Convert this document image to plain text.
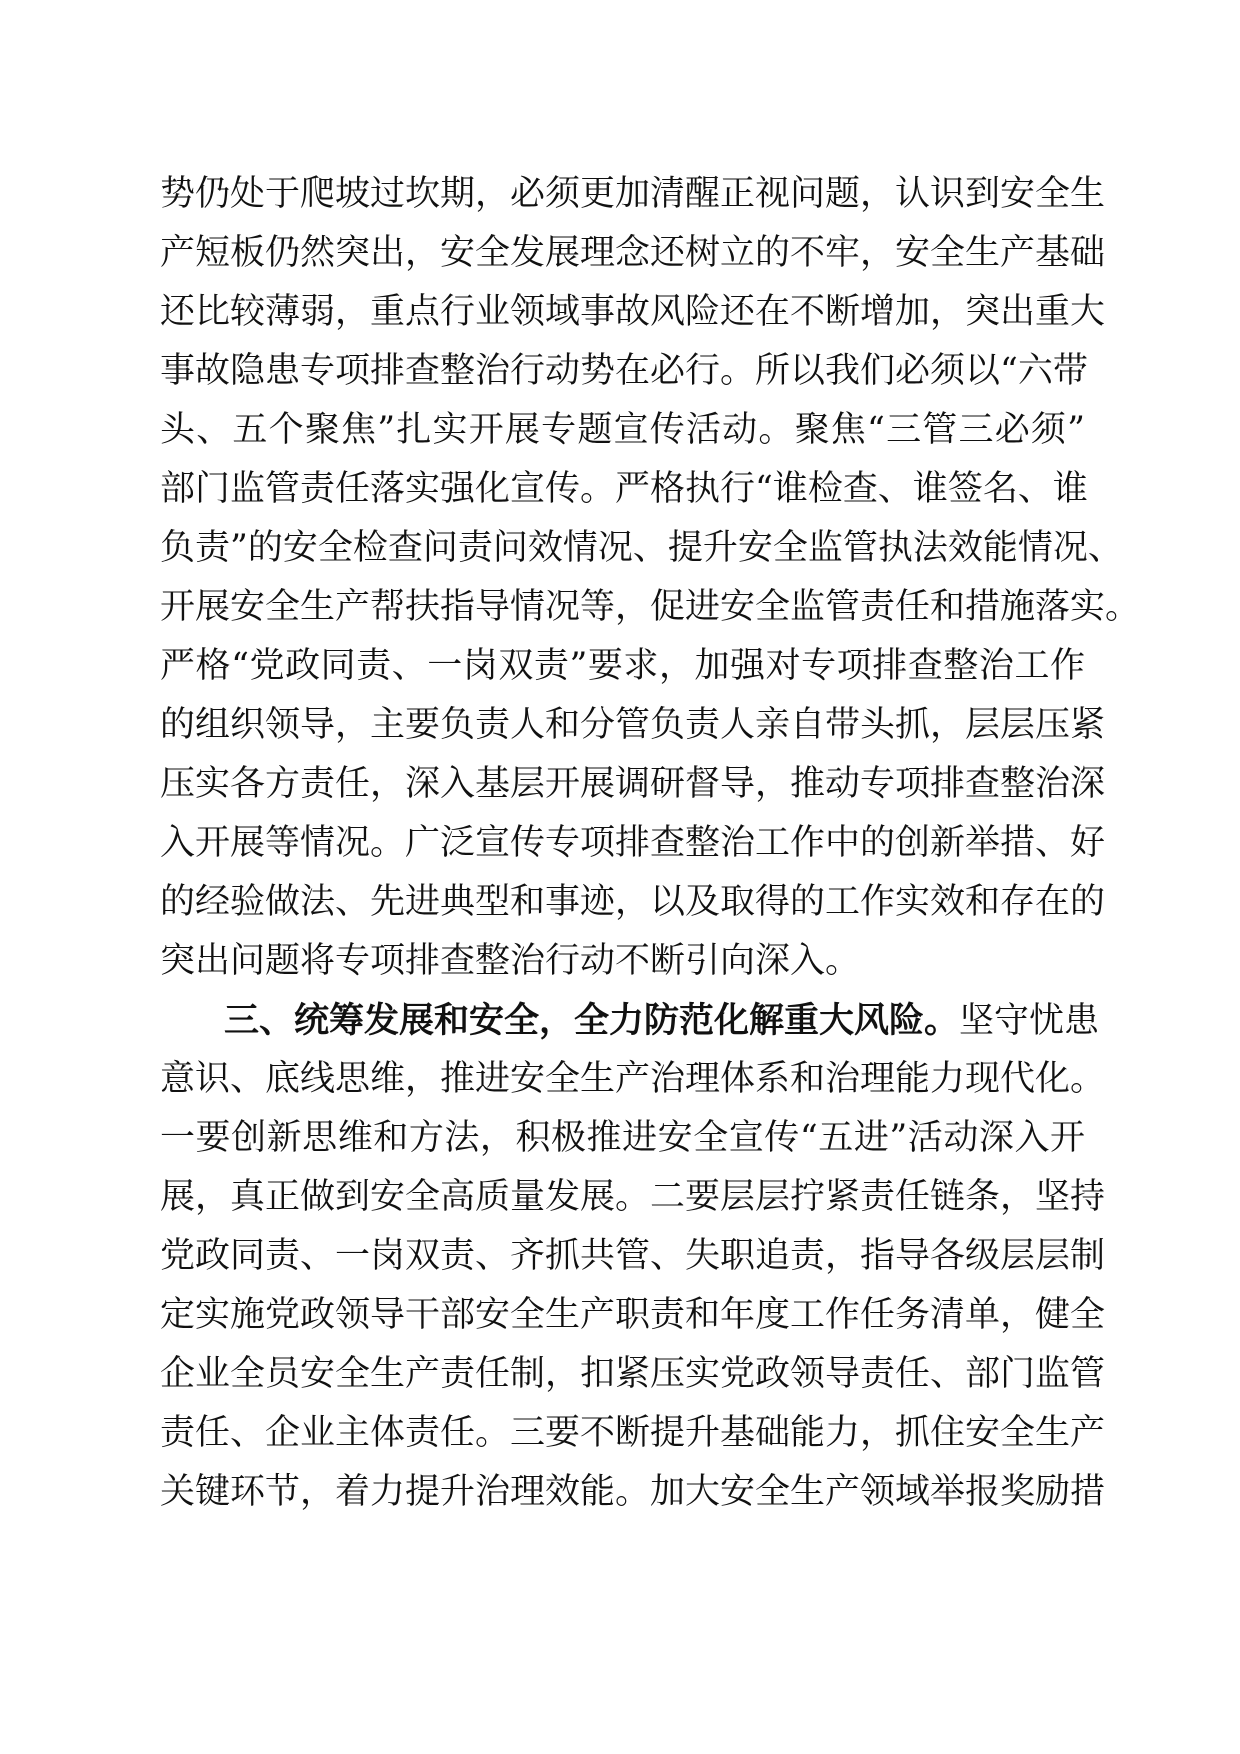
势仍处于爬坡过坎期，必须更加清醒正视问题，认识到安全生
产短板仍然突出，安全发展理念还树立的不牢，安全生产基础
还比较薄弱，重点行业领域事故风险还在不断增加，突出重大
事故隐患专项排查整治行动势在必行。所以我们必须以“六带
头、五个聚焦”扎实开展专题宣传活动。聚焦“三管三必须”
部门监管责任落实强化宣传。严格执行“谁检查、谁签名、谁
负责”的安全检查问责问效情况、提升安全监管执法效能情况、
开展安全生产帮扶指导情况等，促进安全监管责任和措施落实。
严格“党政同责、一岗双责”要求，加强对专项排查整治工作
的组织领导，主要负责人和分管负责人亲自带头抓，层层压紧
压实各方责任，深入基层开展调研督导，推动专项排查整治深
入开展等情况。广泛宣传专项排查整治工作中的创新举措、好
的经验做法、先进典型和事迹，以及取得的工作实效和存在的
突出问题将专项排查整治行动不断引向深入。
三、统筹发展和安全，全力防范化解重大风险。坚守忧患
意识、底线思维，推进安全生产治理体系和治理能力现代化。
一要创新思维和方法，积极推进安全宣传“五进”活动深入开
展，真正做到安全高质量发展。二要层层拧紧责任链条，坚持
党政同责、一岗双责、齐抓共管、失职追责，指导各级层层制
定实施党政领导干部安全生产职责和年度工作任务清单，健全
企业全员安全生产责任制，扣紧压实党政领导责任、部门监管
责任、企业主体责任。三要不断提升基础能力，抓住安全生产
关键环节，着力提升治理效能。加大安全生产领域举报奖励措
